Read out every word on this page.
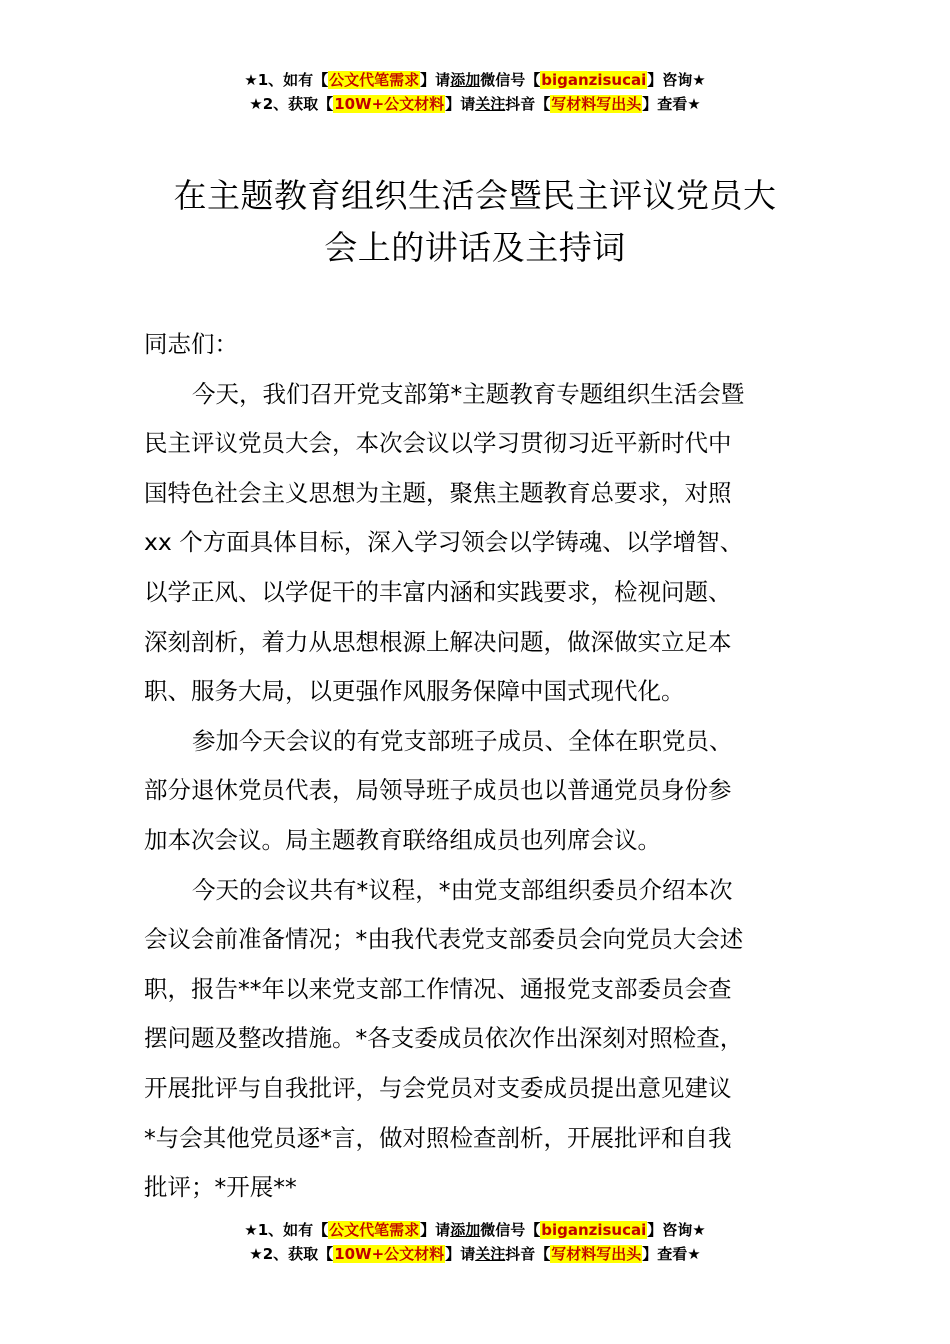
★1、如有【公文代笔需求】请添加微信号【biganzisucai】咨询★
★2、获取【10W+公文材料】请关注抖音【写材料写出头】查看★
在主题教育组织生活会暨民主评议党员大
会上的讲话及主持词
同志们：
今天，我们召开党支部第*主题教育专题组织生活会暨
民主评议党员大会，本次会议以学习贯彻习近平新时代中
国特色社会主义思想为主题，聚焦主题教育总要求，对照
xx 个方面具体目标，深入学习领会以学铸魂、以学增智、
以学正风、以学促干的丰富内涵和实践要求，检视问题、
深刻剖析，着力从思想根源上解决问题，做深做实立足本
职、服务大局，以更强作风服务保障中国式现代化。
参加今天会议的有党支部班子成员、全体在职党员、
部分退休党员代表，局领导班子成员也以普通党员身份参
加本次会议。局主题教育联络组成员也列席会议。
今天的会议共有*议程，*由党支部组织委员介绍本次
会议会前准备情况；*由我代表党支部委员会向党员大会述
职，报告**年以来党支部工作情况、通报党支部委员会查
摆问题及整改措施。*各支委成员依次作出深刻对照检查，
开展批评与自我批评，与会党员对支委成员提出意见建议
*与会其他党员逐*言，做对照检查剖析，开展批评和自我
批评；*开展**
★1、如有【公文代笔需求】请添加微信号【biganzisucai】咨询★
★2、获取【10W+公文材料】请关注抖音【写材料写出头】查看★
